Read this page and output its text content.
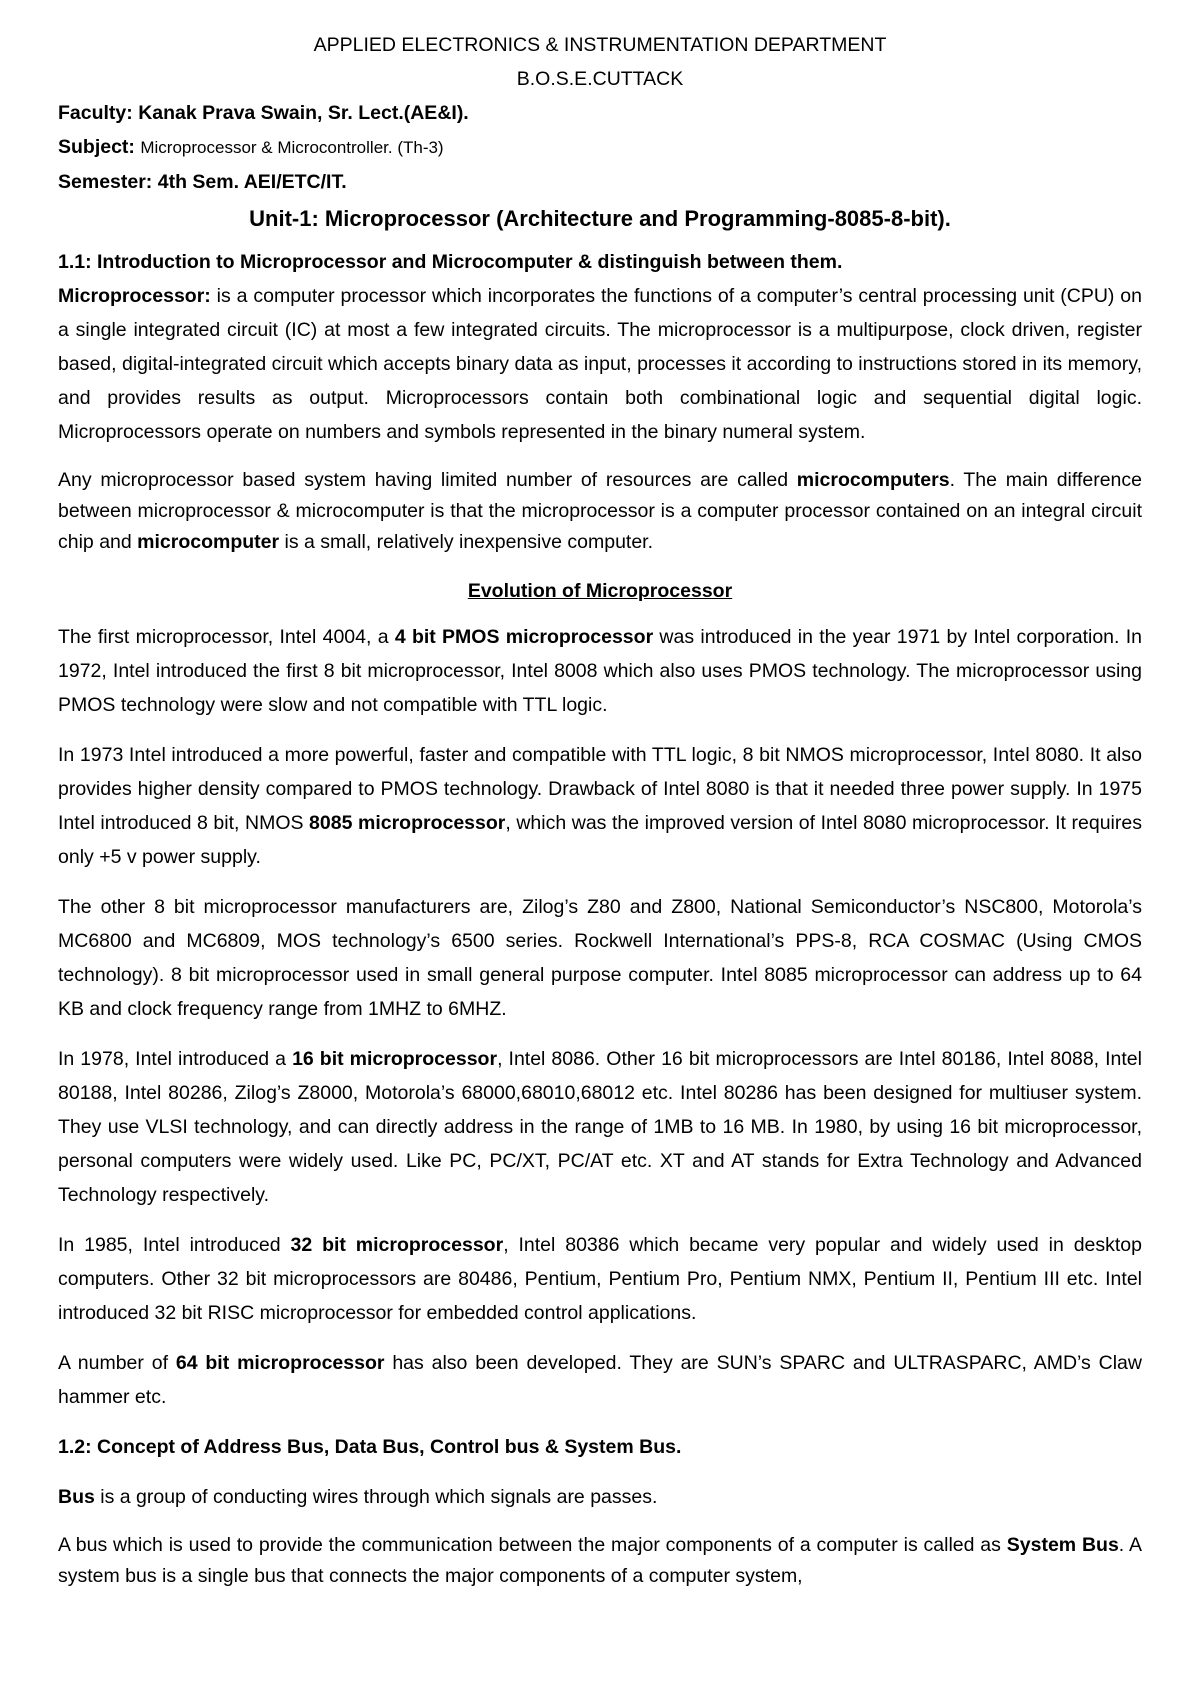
APPLIED ELECTRONICS & INSTRUMENTATION DEPARTMENT
B.O.S.E.CUTTACK
Faculty: Kanak Prava Swain, Sr. Lect.(AE&I).
Subject: Microprocessor & Microcontroller. (Th-3)
Semester: 4th Sem. AEI/ETC/IT.
Unit-1: Microprocessor (Architecture and Programming-8085-8-bit).
1.1: Introduction to Microprocessor and Microcomputer & distinguish between them.

Microprocessor: is a computer processor which incorporates the functions of a computer’s central processing unit (CPU) on a single integrated circuit (IC) at most a few integrated circuits. The microprocessor is a multipurpose, clock driven, register based, digital-integrated circuit which accepts binary data as input, processes it according to instructions stored in its memory, and provides results as output. Microprocessors contain both combinational logic and sequential digital logic. Microprocessors operate on numbers and symbols represented in the binary numeral system.

Any microprocessor based system having limited number of resources are called microcomputers. The main difference between microprocessor & microcomputer is that the microprocessor is a computer processor contained on an integral circuit chip and microcomputer is a small, relatively inexpensive computer.

Evolution of Microprocessor

The first microprocessor, Intel 4004, a 4 bit PMOS microprocessor was introduced in the year 1971 by Intel corporation. In 1972, Intel introduced the first 8 bit microprocessor, Intel 8008 which also uses PMOS technology. The microprocessor using PMOS technology were slow and not compatible with TTL logic.

In 1973 Intel introduced a more powerful, faster and compatible with TTL logic, 8 bit NMOS microprocessor, Intel 8080. It also provides higher density compared to PMOS technology. Drawback of Intel 8080 is that it needed three power supply. In 1975 Intel introduced 8 bit, NMOS 8085 microprocessor, which was the improved version of Intel 8080 microprocessor. It requires only +5 v power supply.

The other 8 bit microprocessor manufacturers are, Zilog’s Z80 and Z800, National Semiconductor’s NSC800, Motorola’s MC6800 and MC6809, MOS technology’s 6500 series. Rockwell International’s PPS-8, RCA COSMAC (Using CMOS technology). 8 bit microprocessor used in small general purpose computer. Intel 8085 microprocessor can address up to 64 KB and clock frequency range from 1MHZ to 6MHZ.

In 1978, Intel introduced a 16 bit microprocessor, Intel 8086. Other 16 bit microprocessors are Intel 80186, Intel 8088, Intel 80188, Intel 80286, Zilog’s Z8000, Motorola’s 68000,68010,68012 etc. Intel 80286 has been designed for multiuser system. They use VLSI technology, and can directly address in the range of 1MB to 16 MB. In 1980, by using 16 bit microprocessor, personal computers were widely used. Like PC, PC/XT, PC/AT etc. XT and AT stands for Extra Technology and Advanced Technology respectively.

In 1985, Intel introduced 32 bit microprocessor, Intel 80386 which became very popular and widely used in desktop computers. Other 32 bit microprocessors are 80486, Pentium, Pentium Pro, Pentium NMX, Pentium II, Pentium III etc. Intel introduced 32 bit RISC microprocessor for embedded control applications.

A number of 64 bit microprocessor has also been developed. They are SUN’s SPARC and ULTRASPARC, AMD’s Claw hammer etc.

1.2: Concept of Address Bus, Data Bus, Control bus & System Bus.

Bus is a group of conducting wires through which signals are passes.

A bus which is used to provide the communication between the major components of a computer is called as System Bus. A system bus is a single bus that connects the major components of a computer system,
